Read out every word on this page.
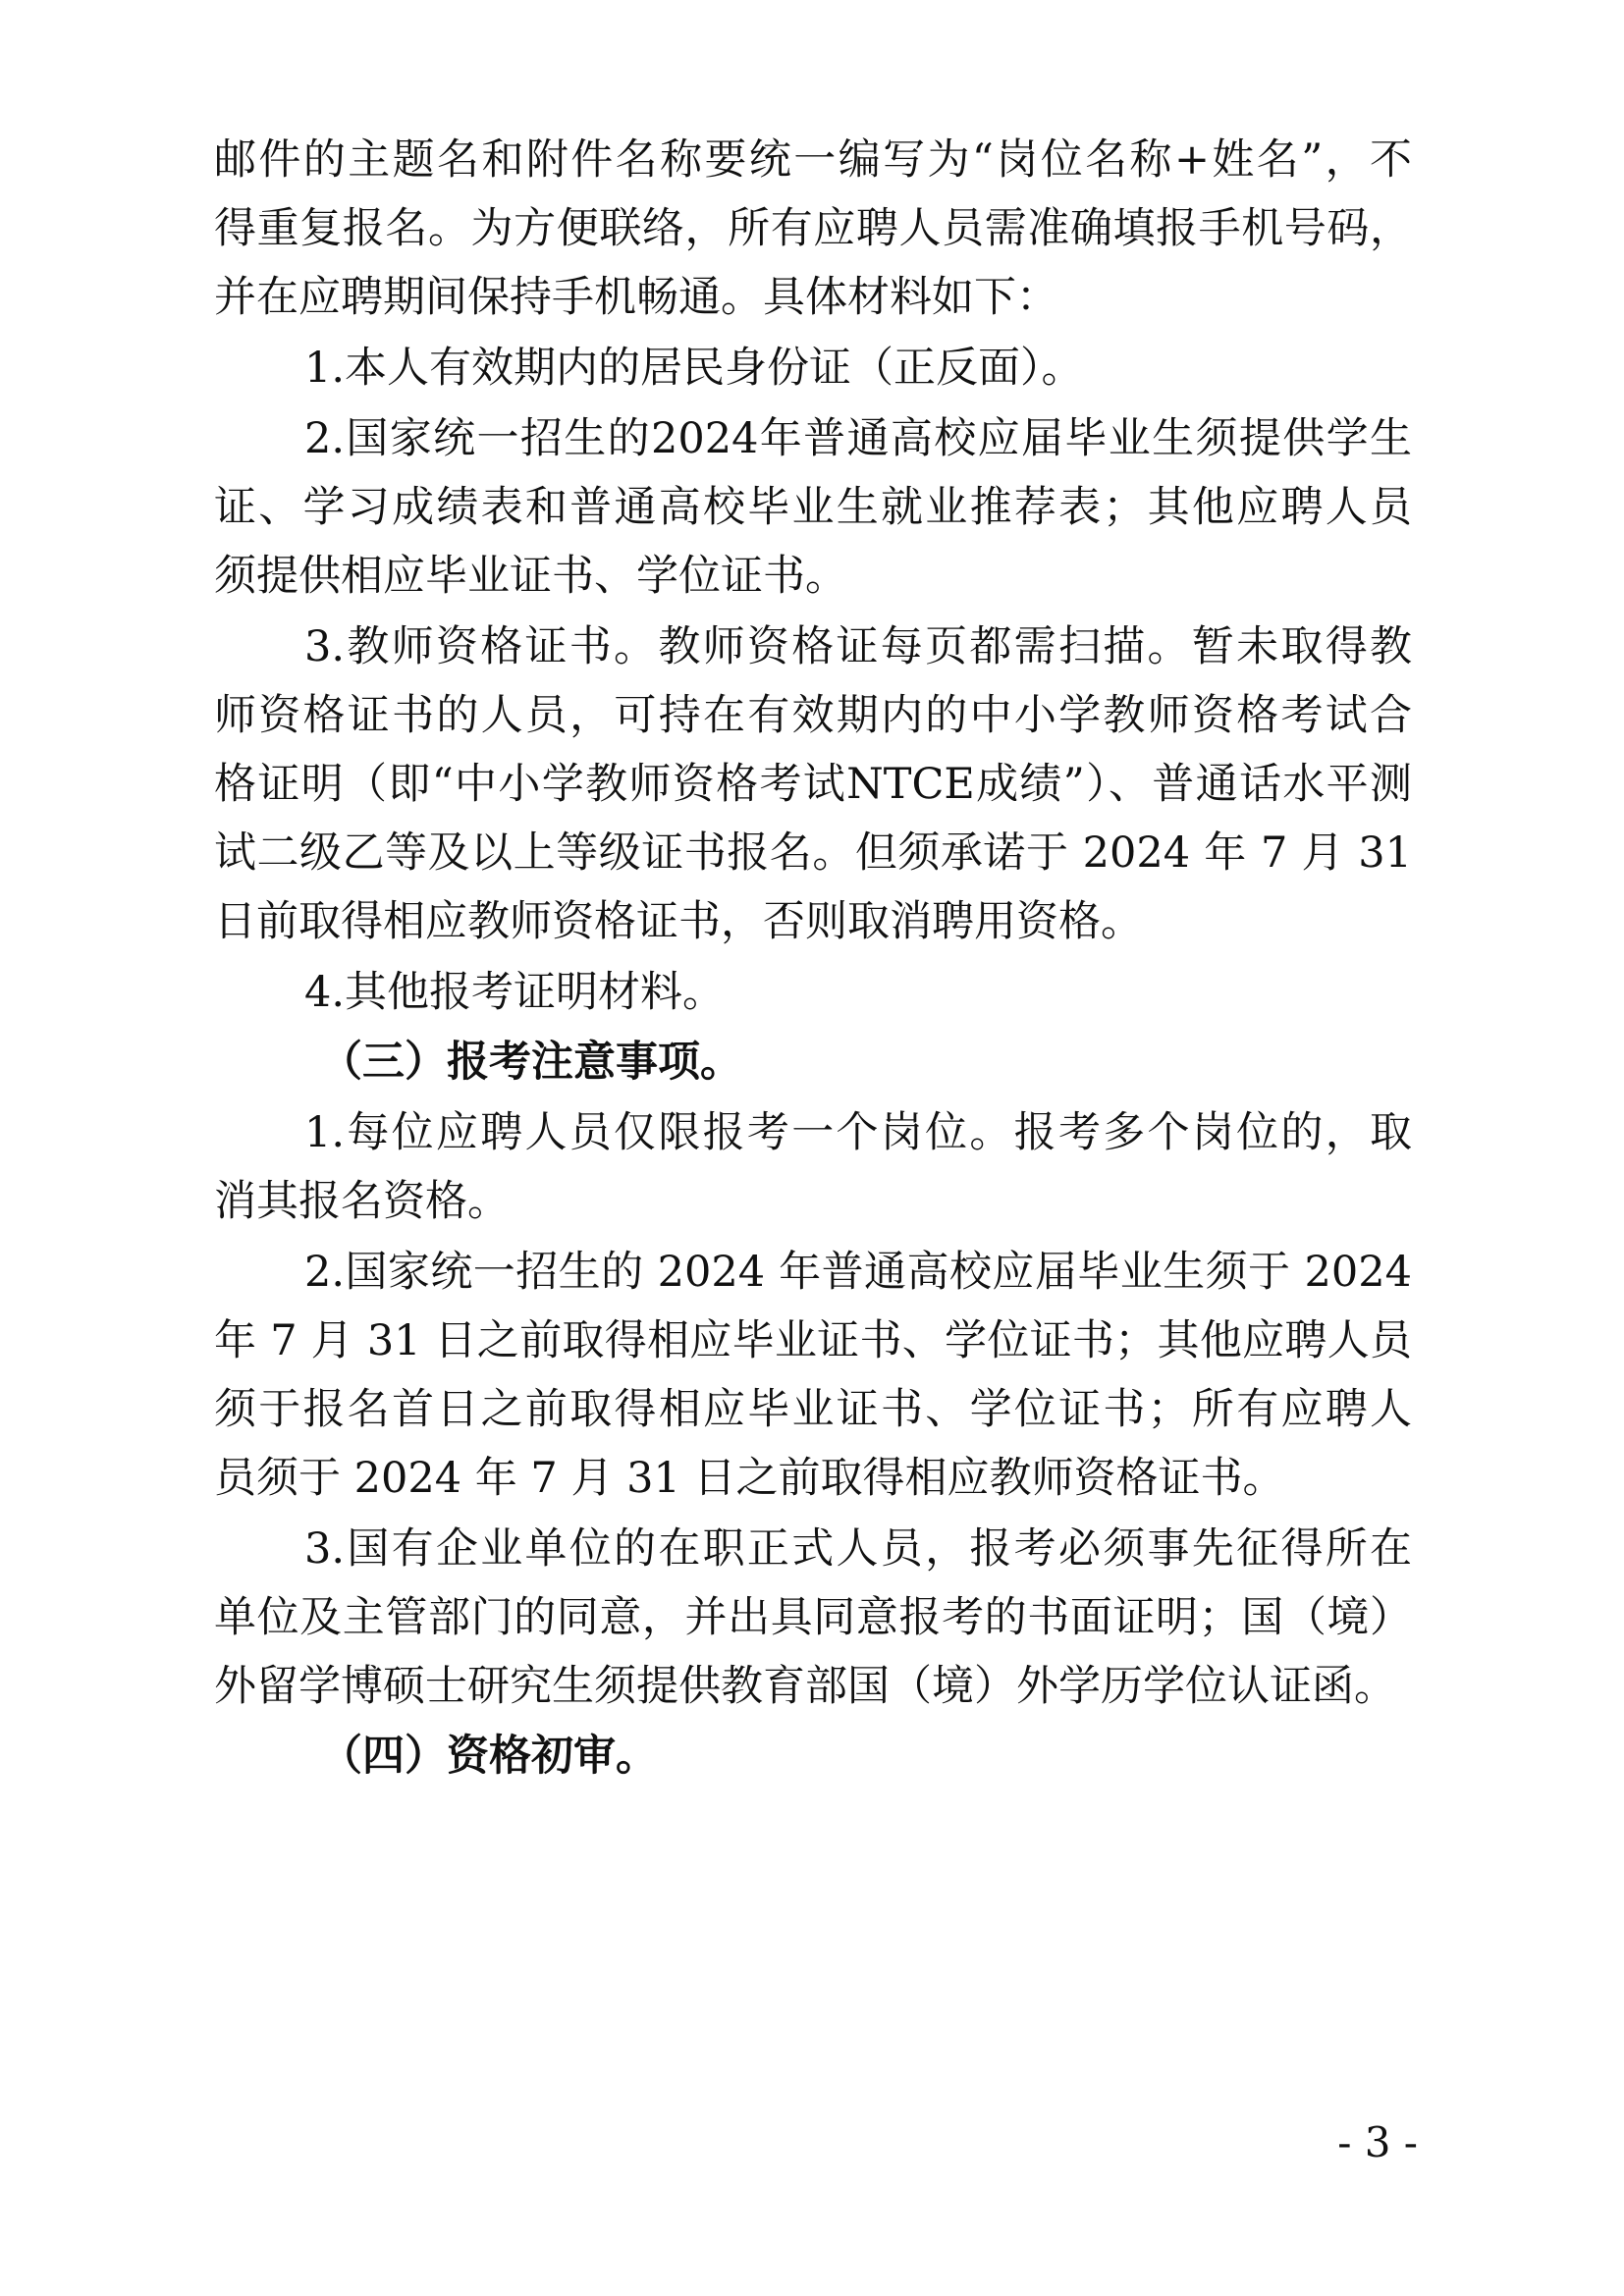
邮件的主题名和附件名称要统一编写为“岗位名称+姓名”，不
得重复报名。为方便联络，所有应聘人员需准确填报手机号码，
并在应聘期间保持手机畅通。具体材料如下：
1.本人有效期内的居民身份证（正反面）。
2.国家统一招生的2024年普通高校应届毕业生须提供学生
证、学习成绩表和普通高校毕业生就业推荐表；其他应聘人员
须提供相应毕业证书、学位证书。
3.教师资格证书。教师资格证每页都需扫描。暂未取得教
师资格证书的人员，可持在有效期内的中小学教师资格考试合
格证明（即“中小学教师资格考试NTCE成绩”）、普通话水平测
试二级乙等及以上等级证书报名。但须承诺于 2024 年 7 月 31
日前取得相应教师资格证书，否则取消聘用资格。
4.其他报考证明材料。
（三）报考注意事项。
1.每位应聘人员仅限报考一个岗位。报考多个岗位的，取
消其报名资格。
2.国家统一招生的 2024 年普通高校应届毕业生须于 2024
年 7 月 31 日之前取得相应毕业证书、学位证书；其他应聘人员
须于报名首日之前取得相应毕业证书、学位证书；所有应聘人
员须于 2024 年 7 月 31 日之前取得相应教师资格证书。
3.国有企业单位的在职正式人员，报考必须事先征得所在
单位及主管部门的同意，并出具同意报考的书面证明；国（境）
外留学博硕士研究生须提供教育部国（境）外学历学位认证函。
（四）资格初审。
- 3 -
